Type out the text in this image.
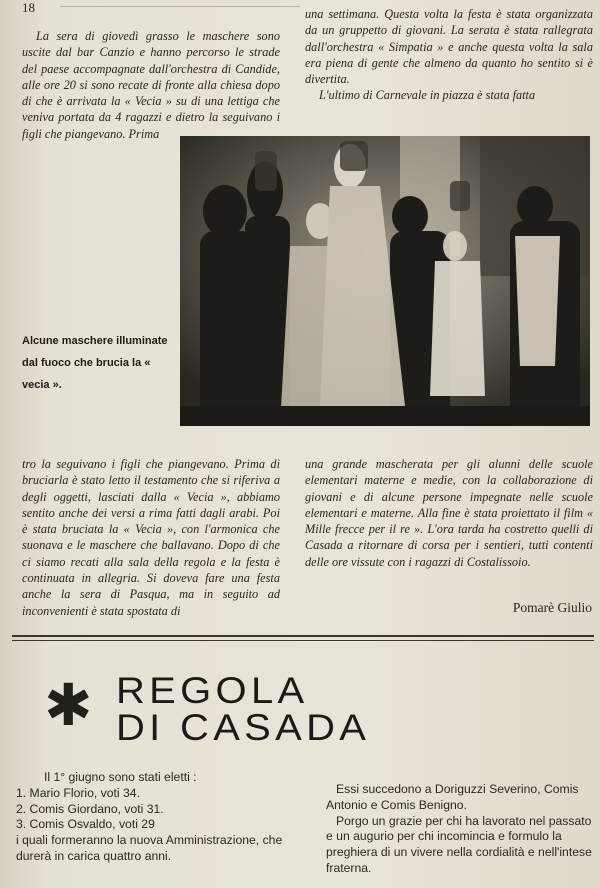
18

La sera di giovedì grasso le maschere sono uscite dal bar Canzio e hanno percorso le strade del paese accompagnate dall'orchestra di Candide, alle ore 20 si sono recate di fronte alla chiesa dopo di che è arrivata la « Vecia » su di una lettiga che veniva portata da 4 ragazzi e dietro la seguivano i figli che piangevano. Prima

una settimana. Questa volta la festa è stata organizzata da un gruppetto di giovani. La serata è stata rallegrata dall'orchestra « Simpatia » e anche questa volta la sala era piena di gente che almeno da quanto ho sentito si è divertita.

L'ultimo di Carnevale in piazza è stata fatta

Alcune maschere illuminate dal fuoco che brucia la « vecia ».

tro la seguivano i figli che piangevano. Prima di bruciarla è stato letto il testamento che si riferiva a degli oggetti, lasciati dalla « Vecia », abbiamo sentito anche dei versi a rima fatti dagli arabi. Poi è stata bruciata la « Vecia », con l'armonica che suonava e le maschere che ballavano. Dopo di che ci siamo recati alla sala della regola e la festa è continuata in allegria. Si doveva fare una festa anche la sera di Pasqua, ma in seguito ad inconvenienti è stata spostata di

una grande mascherata per gli alunni delle scuole elementari materne e medie, con la collaborazione di giovani e di alcune persone impegnate nelle scuole elementari e materne. Alla fine è stata proiettato il film « Mille frecce per il re ». L'ora tarda ha costretto quelli di Casada a ritornare di corsa per i sentieri, tutti contenti delle ore vissute con i ragazzi di Costalissoio.

Pomarè Giulio
✱ REGOLA
DI CASADA

Il 1° giugno sono stati eletti :

1. Mario Florio, voti 34.

2. Comis Giordano, voti 31.

3. Comis Osvaldo, voti 29

i quali formeranno la nuova Amministrazione, che durerà in carica quattro anni.

Essi succedono a Doriguzzi Severino, Comis Antonio e Comis Benigno.

Porgo un grazie per chi ha lavorato nel passato e un augurio per chi incomincia e formulo la preghiera di un vivere nella cordialità e nell'intese fraterna.
